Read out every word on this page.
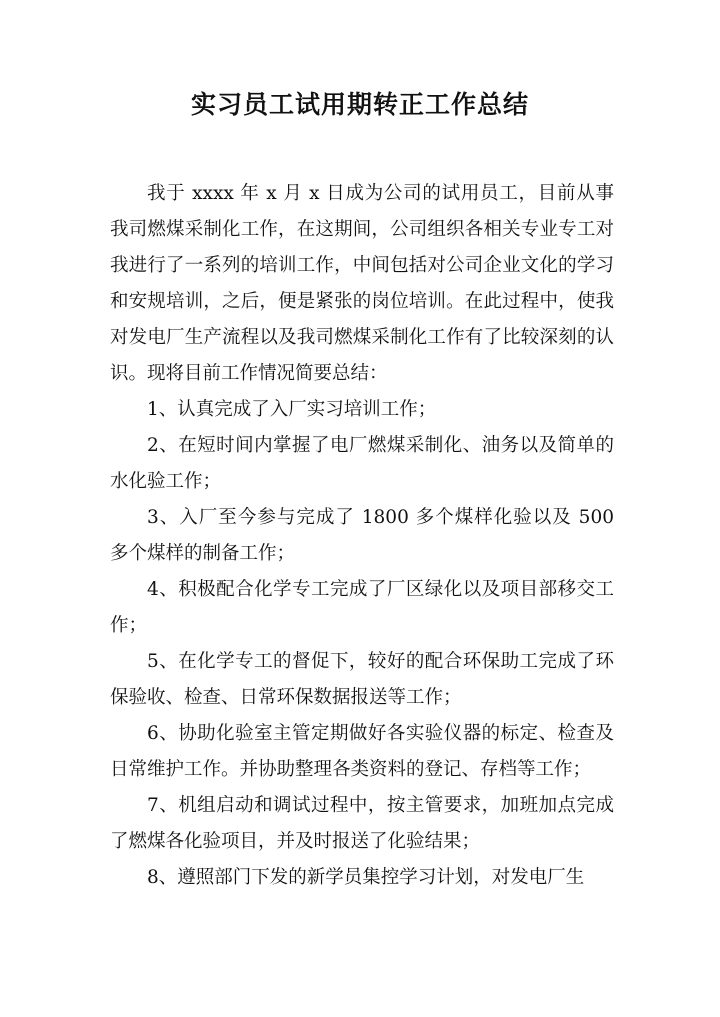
实习员工试用期转正工作总结

我于 xxxx 年 x 月 x 日成为公司的试用员工，目前从事我司燃煤采制化工作，在这期间，公司组织各相关专业专工对我进行了一系列的培训工作，中间包括对公司企业文化的学习和安规培训，之后，便是紧张的岗位培训。在此过程中，使我对发电厂生产流程以及我司燃煤采制化工作有了比较深刻的认识。现将目前工作情况简要总结：

1、认真完成了入厂实习培训工作；

2、在短时间内掌握了电厂燃煤采制化、油务以及简单的水化验工作；

3、入厂至今参与完成了 1800 多个煤样化验以及 500 多个煤样的制备工作；

4、积极配合化学专工完成了厂区绿化以及项目部移交工作；

5、在化学专工的督促下，较好的配合环保助工完成了环保验收、检查、日常环保数据报送等工作；

6、协助化验室主管定期做好各实验仪器的标定、检查及日常维护工作。并协助整理各类资料的登记、存档等工作；

7、机组启动和调试过程中，按主管要求，加班加点完成了燃煤各化验项目，并及时报送了化验结果；

8、遵照部门下发的新学员集控学习计划，对发电厂生
